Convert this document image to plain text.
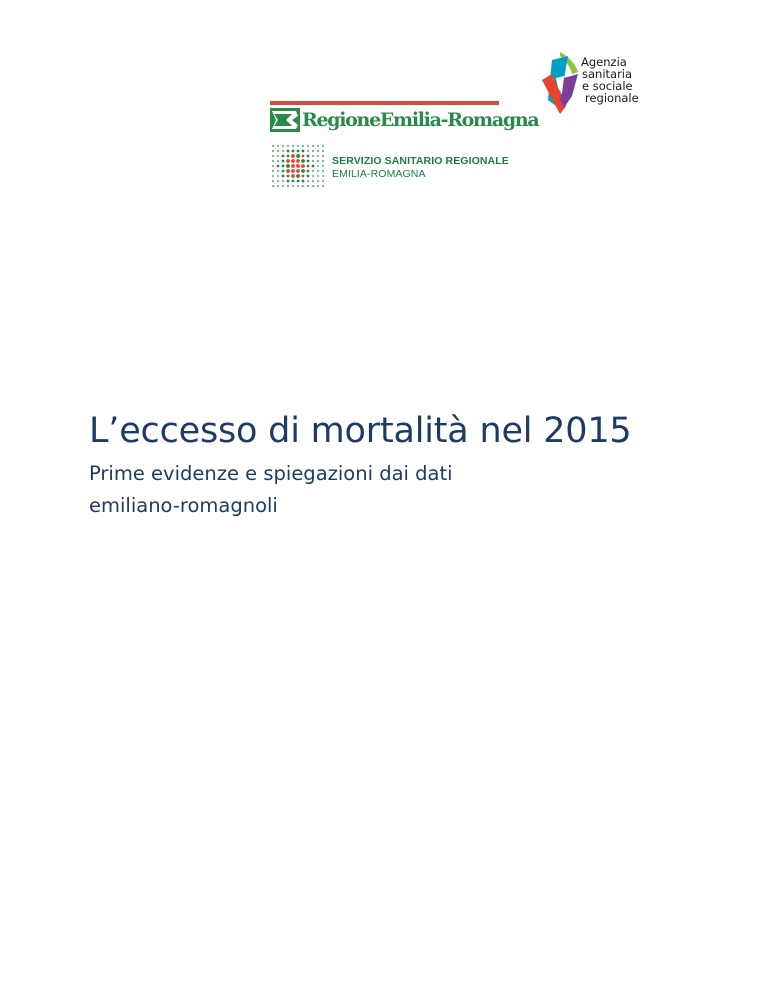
Agenzia
sanitaria
e sociale
regionale
RegioneEmilia-Romagna
SERVIZIO SANITARIO REGIONALE
EMILIA-ROMAGNA
L’eccesso di mortalità nel 2015
Prime evidenze e spiegazioni dai dati
emiliano-romagnoli
